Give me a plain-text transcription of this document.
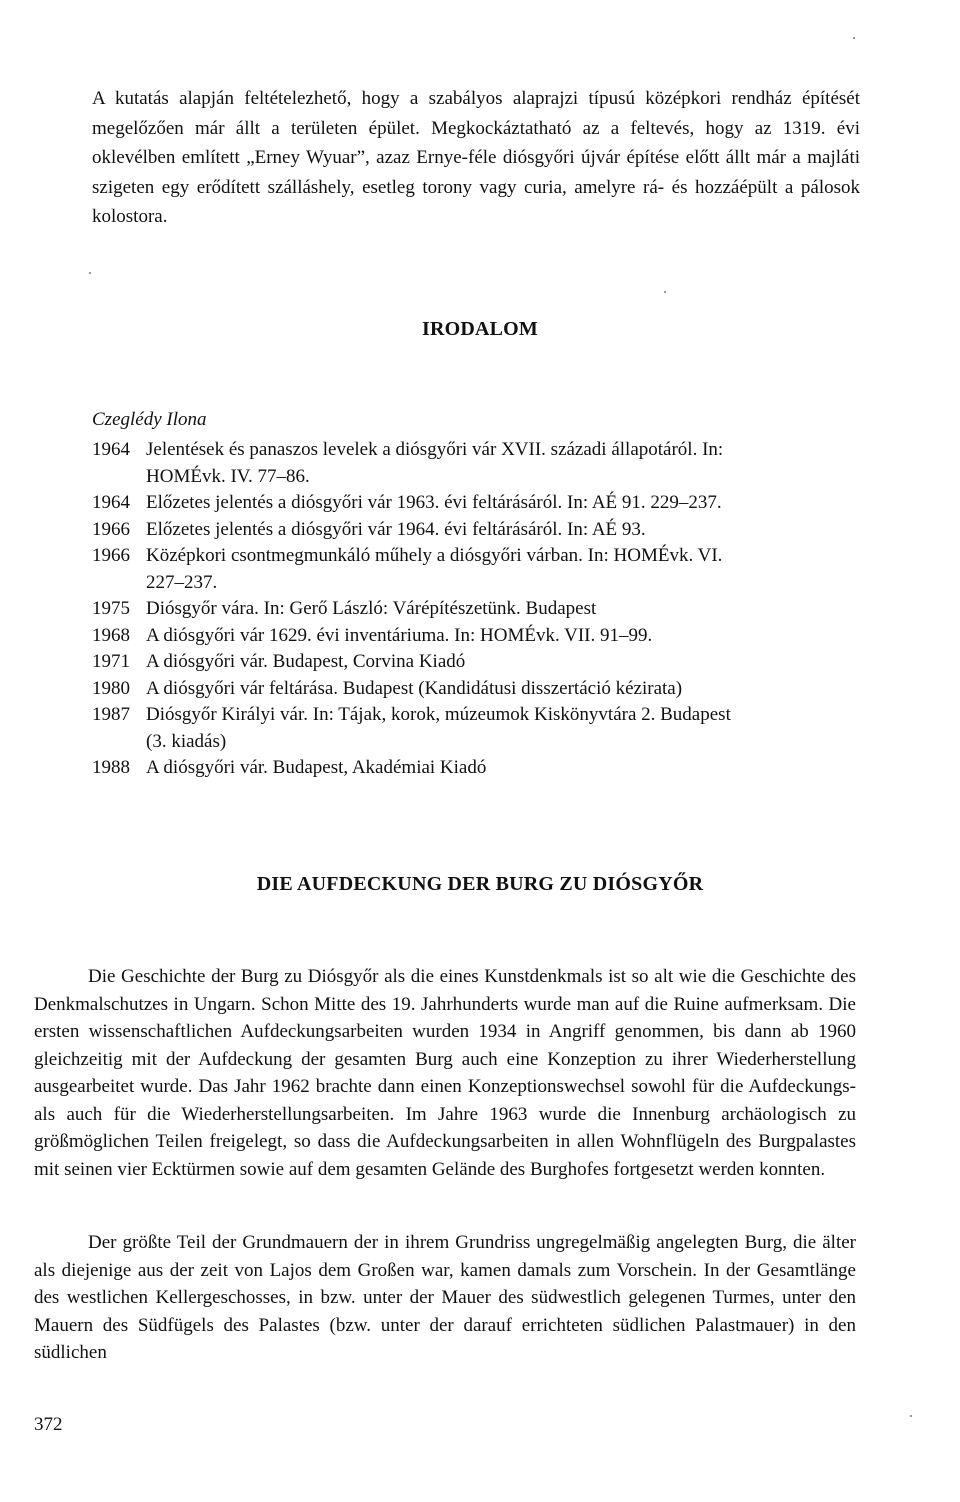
A kutatás alapján feltételezhető, hogy a szabályos alaprajzi típusú középkori rendház építését megelőzően már állt a területen épület. Megkockáztatható az a feltevés, hogy az 1319. évi oklevélben említett „Erney Wyuar”, azaz Ernye-féle diósgyőri újvár építése előtt állt már a majláti szigeten egy erődített szálláshely, esetleg torony vagy curia, amelyre rá- és hozzáépült a pálosok kolostora.

IRODALOM

Czeglédy Ilona

1964 Jelentések és panaszos levelek a diósgyőri vár XVII. századi állapotáról. In:
HOMÉvk. IV. 77–86.
1964 Előzetes jelentés a diósgyőri vár 1963. évi feltárásáról. In: AÉ 91. 229–237.
1966 Előzetes jelentés a diósgyőri vár 1964. évi feltárásáról. In: AÉ 93.
1966 Középkori csontmegmunkáló műhely a diósgyőri várban. In: HOMÉvk. VI.
227–237.
1975 Diósgyőr vára. In: Gerő László: Várépítészetünk. Budapest
1968 A diósgyőri vár 1629. évi inventáriuma. In: HOMÉvk. VII. 91–99.
1971 A diósgyőri vár. Budapest, Corvina Kiadó
1980 A diósgyőri vár feltárása. Budapest (Kandidátusi disszertáció kézirata)
1987 Diósgyőr Királyi vár. In: Tájak, korok, múzeumok Kiskönyvtára 2. Budapest
(3. kiadás)
1988 A diósgyőri vár. Budapest, Akadémiai Kiadó
DIE AUFDECKUNG DER BURG ZU DIÓSGYŐR

Die Geschichte der Burg zu Diósgyőr als die eines Kunstdenkmals ist so alt wie die Geschichte des Denkmalschutzes in Ungarn. Schon Mitte des 19. Jahrhunderts wurde man auf die Ruine aufmerksam. Die ersten wissenschaftlichen Aufdeckungsarbeiten wurden 1934 in Angriff genommen, bis dann ab 1960 gleichzeitig mit der Aufdeckung der gesamten Burg auch eine Konzeption zu ihrer Wiederherstellung ausgearbeitet wurde. Das Jahr 1962 brachte dann einen Konzeptionswechsel sowohl für die Aufdeckungs- als auch für die Wiederherstellungsarbeiten. Im Jahre 1963 wurde die Innenburg archäologisch zu größmöglichen Teilen freigelegt, so dass die Aufdeckungsarbeiten in allen Wohnflügeln des Burgpalastes mit seinen vier Ecktürmen sowie auf dem gesamten Gelände des Burghofes fortgesetzt werden konnten.

Der größte Teil der Grundmauern der in ihrem Grundriss ungregelmäßig angelegten Burg, die älter als diejenige aus der zeit von Lajos dem Großen war, kamen damals zum Vorschein. In der Gesamtlänge des westlichen Kellergeschosses, in bzw. unter der Mauer des südwestlich gelegenen Turmes, unter den Mauern des Südfügels des Palastes (bzw. unter der darauf errichteten südlichen Palastmauer) in den südlichen

372
